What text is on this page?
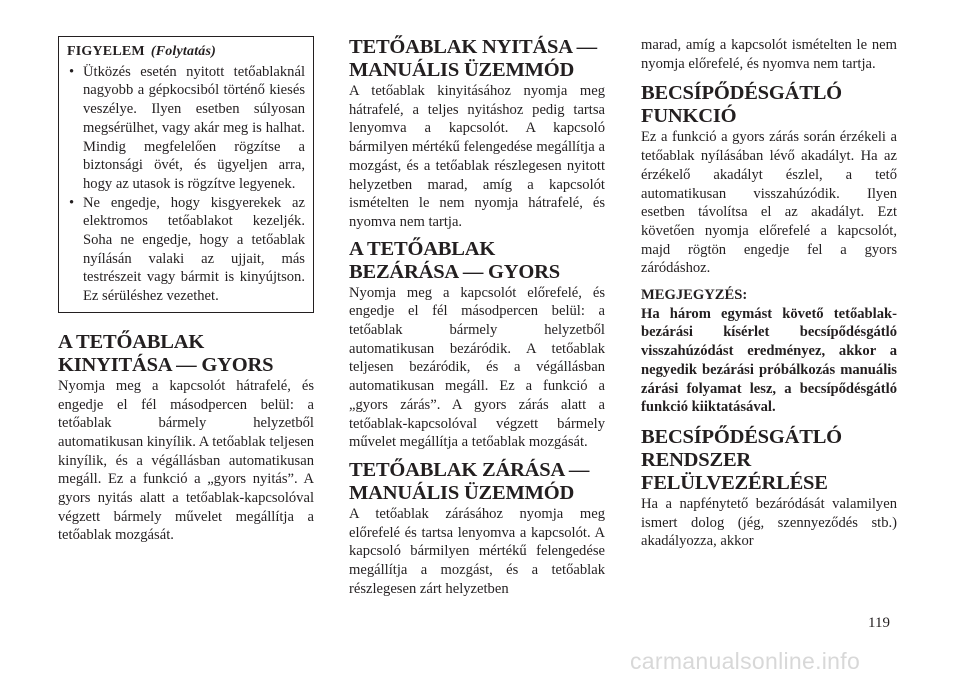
FIGYELEM (Folytatás)
• Ütközés esetén nyitott tetőablaknál nagyobb a gépkocsiból történő kiesés veszélye. Ilyen esetben súlyosan megsérülhet, vagy akár meg is halhat. Mindig megfelelően rögzítse a biztonsági övét, és ügyeljen arra, hogy az utasok is rögzítve legyenek.
• Ne engedje, hogy kisgyerekek az elektromos tetőablakot kezeljék. Soha ne engedje, hogy a tetőablak nyílásán valaki az ujjait, más testrészeit vagy bármit is kinyújtson. Ez sérüléshez vezethet.
A TETŐABLAK KINYITÁSA — GYORS

Nyomja meg a kapcsolót hátrafelé, és engedje el fél másodpercen belül: a tetőablak bármely helyzetből automatikusan kinyílik. A tetőablak teljesen kinyílik, és a végállásban automatikusan megáll. Ez a funkció a „gyors nyitás”. A gyors nyitás alatt a tetőablak-kapcsolóval végzett bármely művelet megállítja a tetőablak mozgását.

TETŐABLAK NYITÁSA — MANUÁLIS ÜZEMMÓD

A tetőablak kinyitásához nyomja meg hátrafelé, a teljes nyitáshoz pedig tartsa lenyomva a kapcsolót. A kapcsoló bármilyen mértékű felengedése megállítja a mozgást, és a tetőablak részlegesen nyitott helyzetben marad, amíg a kapcsolót ismételten le nem nyomja hátrafelé, és nyomva nem tartja.

A TETŐABLAK BEZÁRÁSA — GYORS

Nyomja meg a kapcsolót előrefelé, és engedje el fél másodpercen belül: a tetőablak bármely helyzetből automatikusan bezáródik. A tetőablak teljesen bezáródik, és a végállásban automatikusan megáll. Ez a funkció a „gyors zárás”. A gyors zárás alatt a tetőablak-kapcsolóval végzett bármely művelet megállítja a tetőablak mozgását.

TETŐABLAK ZÁRÁSA — MANUÁLIS ÜZEMMÓD

A tetőablak zárásához nyomja meg előrefelé és tartsa lenyomva a kapcsolót. A kapcsoló bármilyen mértékű felengedése megállítja a mozgást, és a tetőablak részlegesen zárt helyzetben

marad, amíg a kapcsolót ismételten le nem nyomja előrefelé, és nyomva nem tartja.

BECSÍPŐDÉSGÁTLÓ FUNKCIÓ

Ez a funkció a gyors zárás során érzékeli a tetőablak nyílásában lévő akadályt. Ha az érzékelő akadályt észlel, a tető automatikusan visszahúzódik. Ilyen esetben távolítsa el az akadályt. Ezt követően nyomja előrefelé a kapcsolót, majd rögtön engedje fel a gyors záródáshoz.

MEGJEGYZÉS:

Ha három egymást követő tetőablak-bezárási kísérlet becsípődésgátló visszahúzódást eredményez, akkor a negyedik bezárási próbálkozás manuális zárási folyamat lesz, a becsípődésgátló funkció kiiktatásával.

BECSÍPŐDÉSGÁTLÓ RENDSZER FELÜLVEZÉRLÉSE

Ha a napfénytető bezáródását valamilyen ismert dolog (jég, szennyeződés stb.) akadályozza, akkor

119
carmanualsonline.info
